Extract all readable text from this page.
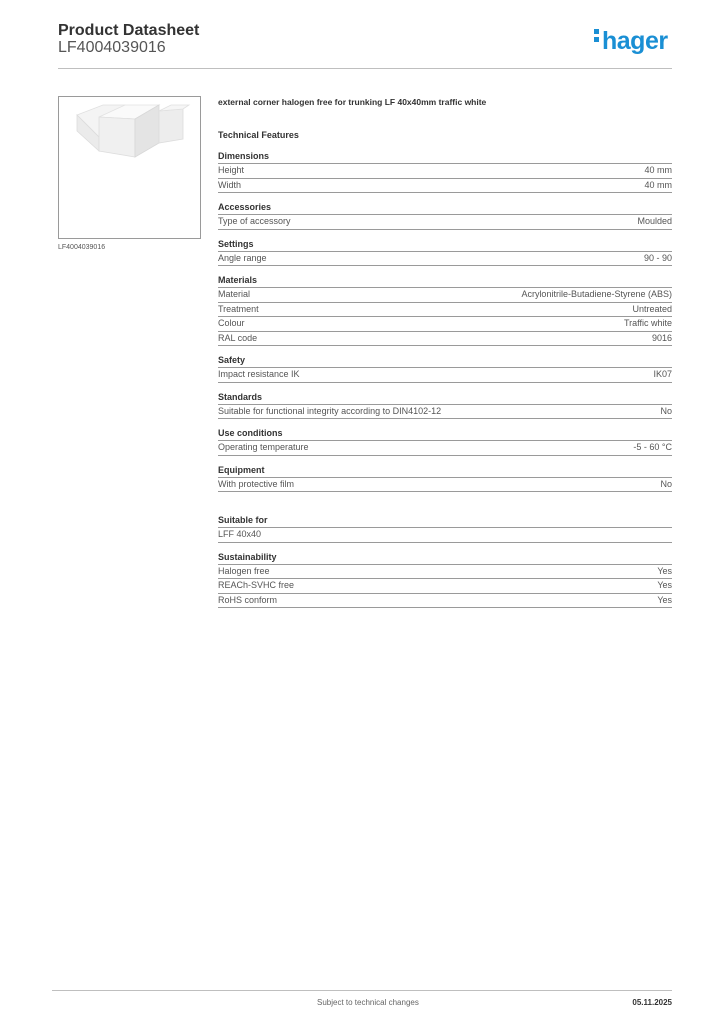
Product Datasheet
LF4004039016	hager
LF4004039016
external corner halogen free for trunking LF 40x40mm traffic white
Technical Features
Dimensions
Height	40 mm
Width	40 mm
Accessories
Type of accessory	Moulded
Settings
Angle range	90 - 90
Materials
Material	Acrylonitrile-Butadiene-Styrene (ABS)
Treatment	Untreated
Colour	Traffic white
RAL code	9016
Safety
Impact resistance IK	IK07
Standards
Suitable for functional integrity according to DIN4102-12	No
Use conditions
Operating temperature	-5 - 60 °C
Equipment
With protective film	No
Suitable for
LFF 40x40
Sustainability
Halogen free	Yes
REACh-SVHC free	Yes
RoHS conform	Yes
Subject to technical changes	05.11.2025
